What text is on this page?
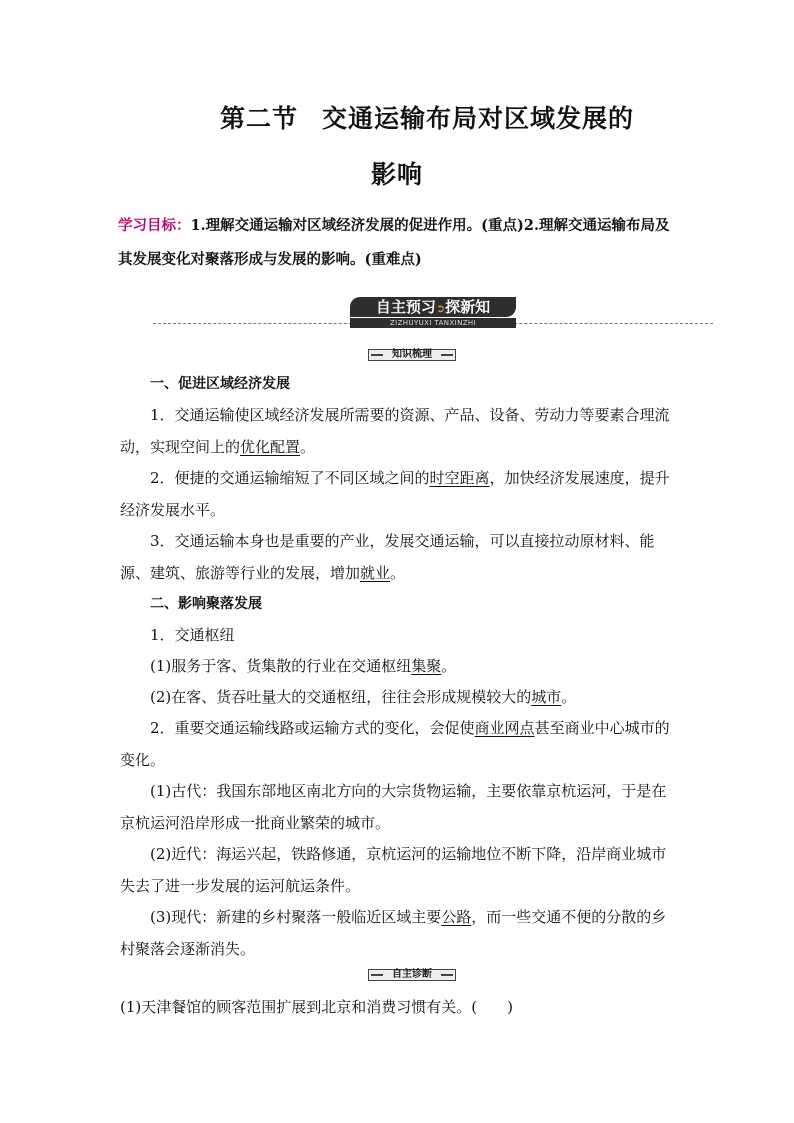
第二节 交通运输布局对区域发展的
影响

学习目标：1.理解交通运输对区域经济发展的促进作用。(重点)2.理解交通运输布局及其发展变化对聚落形成与发展的影响。(重难点)

自主预习➲探新知
ZIZHUYUXI TANXINZHI
知识梳理

一、促进区域经济发展

1．交通运输使区域经济发展所需要的资源、产品、设备、劳动力等要素合理流动，实现空间上的优化配置。

2．便捷的交通运输缩短了不同区域之间的时空距离，加快经济发展速度，提升经济发展水平。

3．交通运输本身也是重要的产业，发展交通运输，可以直接拉动原材料、能源、建筑、旅游等行业的发展，增加就业。

二、影响聚落发展

1．交通枢纽

(1)服务于客、货集散的行业在交通枢纽集聚。

(2)在客、货吞吐量大的交通枢纽，往往会形成规模较大的城市。

2．重要交通运输线路或运输方式的变化，会促使商业网点甚至商业中心城市的变化。

(1)古代：我国东部地区南北方向的大宗货物运输，主要依靠京杭运河，于是在京杭运河沿岸形成一批商业繁荣的城市。

(2)近代：海运兴起，铁路修通，京杭运河的运输地位不断下降，沿岸商业城市失去了进一步发展的运河航运条件。

(3)现代：新建的乡村聚落一般临近区域主要公路，而一些交通不便的分散的乡村聚落会逐渐消失。

自主诊断

(1)天津餐馆的顾客范围扩展到北京和消费习惯有关。(　　)
